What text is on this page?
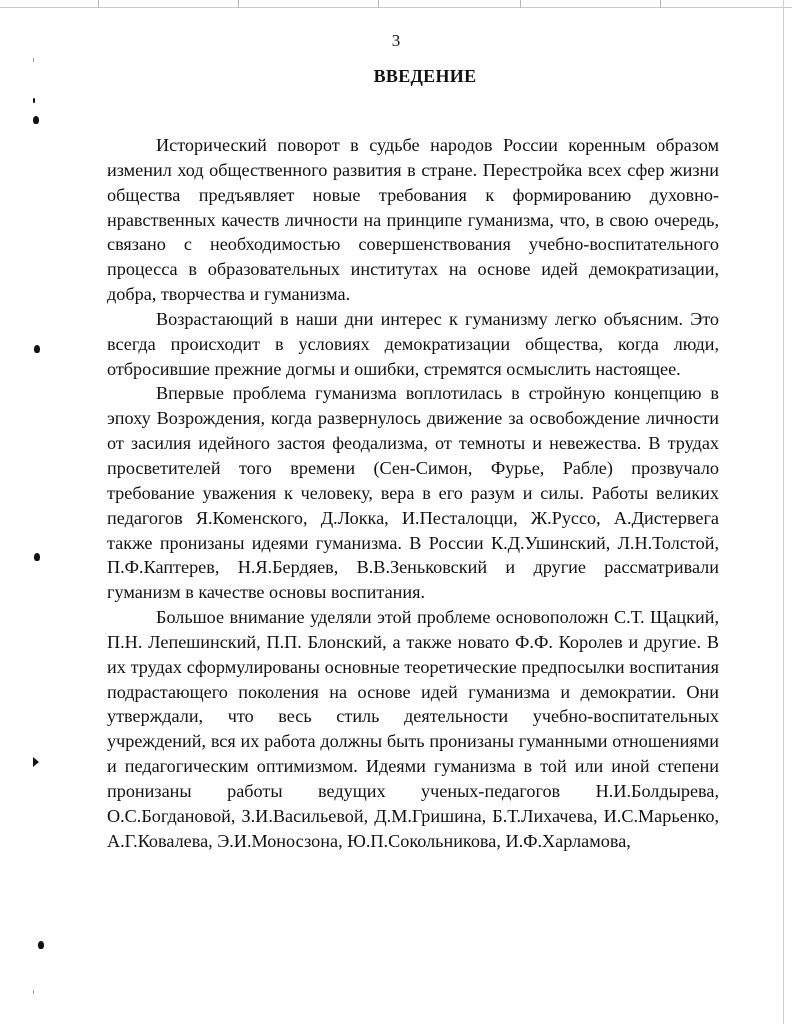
3
ВВЕДЕНИЕ

Исторический поворот в судьбе народов России коренным образом изменил ход общественного развития в стране. Перестройка всех сфер жизни общества предъявляет новые требования к формированию духовно-нравственных качеств личности на принципе гуманизма, что, в свою очередь, связано с необходимостью совершенствования учебно-воспитательного процесса в образовательных институтах на основе идей демократизации, добра, творчества и гуманизма.

Возрастающий в наши дни интерес к гуманизму легко объясним. Это всегда происходит в условиях демократизации общества, когда люди, отбросившие прежние догмы и ошибки, стремятся осмыслить настоящее.

Впервые проблема гуманизма воплотилась в стройную концепцию в эпоху Возрождения, когда развернулось движение за освобождение личности от засилия идейного застоя феодализма, от темноты и невежества. В трудах просветителей того времени (Сен-Симон, Фурье, Рабле) прозвучало требование уважения к человеку, вера в его разум и силы. Работы великих педагогов Я.Коменского, Д.Локка, И.Песталоцци, Ж.Руссо, А.Дистервега также пронизаны идеями гуманизма. В России К.Д.Ушинский, Л.Н.Толстой, П.Ф.Каптерев, Н.Я.Бердяев, В.В.Зеньковский и другие рассматривали гуманизм в качестве основы воспитания.

Большое внимание уделяли этой проблеме основоположн С.Т. Щацкий, П.Н. Лепешинский, П.П. Блонский, а также новато Ф.Ф. Королев и другие. В их трудах сформулированы основные теоретические предпосылки воспитания подрастающего поколения на основе идей гуманизма и демократии. Они утверждали, что весь стиль деятельности учебно-воспитательных учреждений, вся их работа должны быть пронизаны гуманными отношениями и педагогическим оптимизмом. Идеями гуманизма в той или иной степени пронизаны работы ведущих ученых-педагогов Н.И.Болдырева, О.С.Богдановой, З.И.Васильевой, Д.М.Гришина, Б.Т.Лихачева, И.С.Марьенко, А.Г.Ковалева, Э.И.Моносзона, Ю.П.Сокольникова, И.Ф.Харламова,
